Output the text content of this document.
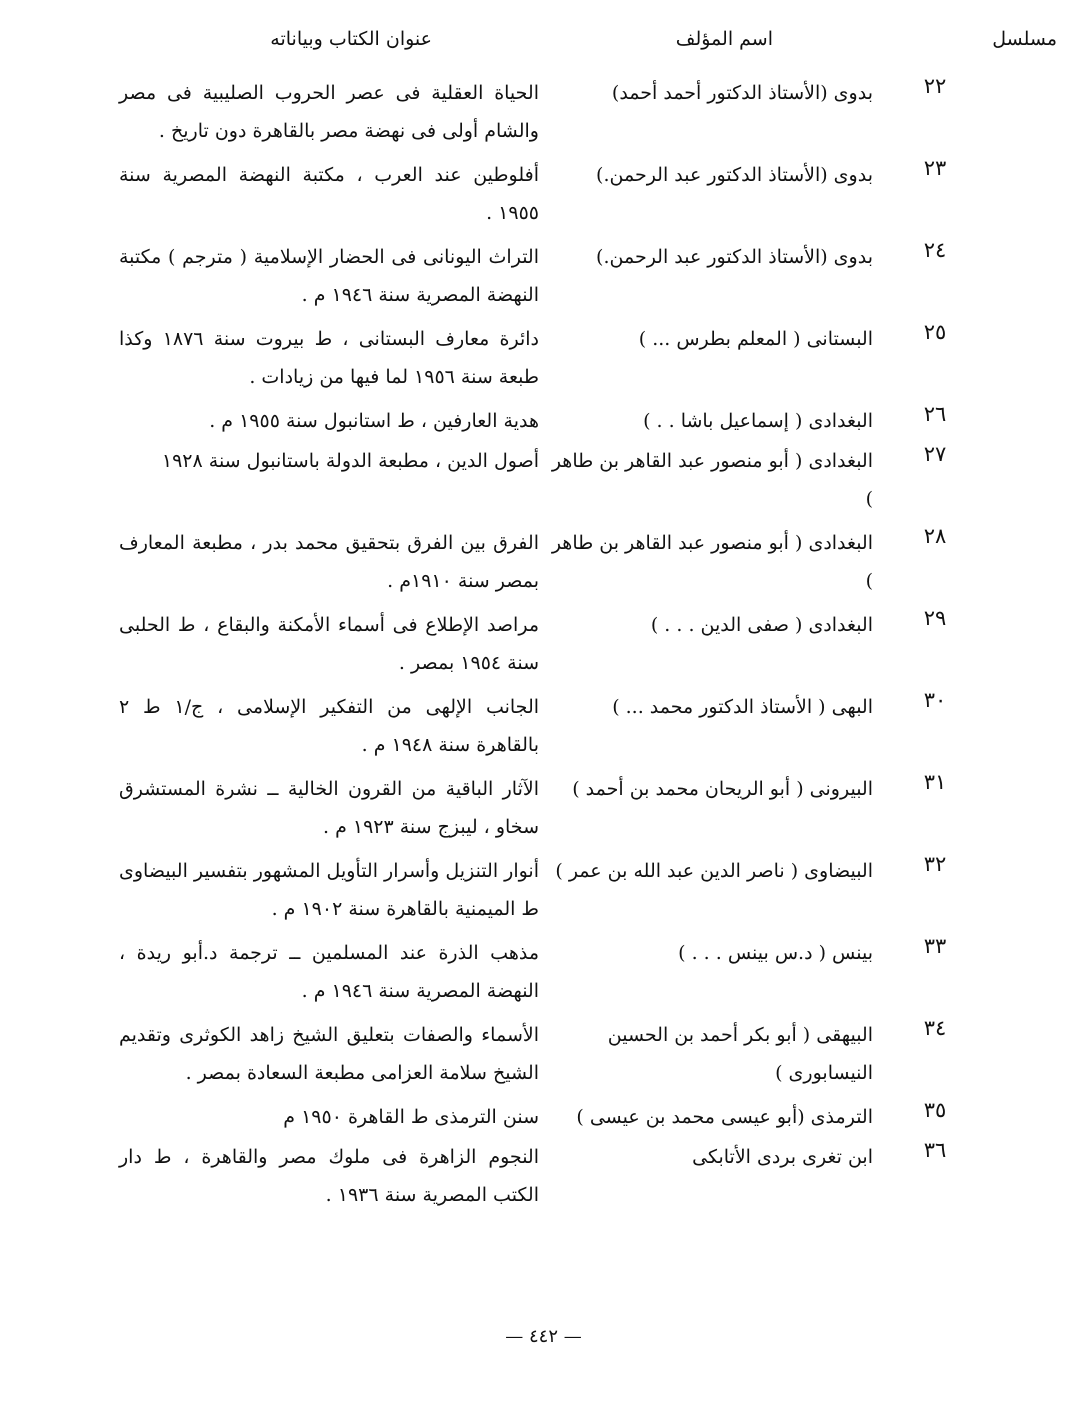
مسلسل
اسم المؤلف
عنوان الكتاب وبياناته
٢٢
بدوى (الأستاذ الدكتور أحمد أحمد)
الحياة العقلية فى عصر الحروب الصليبية فى مصر والشام أولى فى نهضة مصر بالقاهرة دون تاريخ .
٢٣
بدوى (الأستاذ الدكتور عبد الرحمن.)
أفلوطين عند العرب ، مكتبة النهضة المصرية سنة ١٩٥٥ .
٢٤
بدوى (الأستاذ الدكتور عبد الرحمن.)
التراث اليونانى فى الحضار الإسلامية ( مترجم ) مكتبة النهضة المصرية سنة ١٩٤٦ م .
٢٥
البستانى ( المعلم بطرس ... )
دائرة معارف البستانى ، ط بيروت سنة ١٨٧٦ وكذا طبعة سنة ١٩٥٦ لما فيها من زيادات .
٢٦
البغدادى ( إسماعيل باشا . . )
هدية العارفين ، ط استانبول سنة ١٩٥٥ م .
٢٧
البغدادى ( أبو منصور عبد القاهر بن طاهر )
أصول الدين ، مطبعة الدولة باستانبول سنة ١٩٢٨
٢٨
البغدادى ( أبو منصور عبد القاهر بن طاهر )
الفرق بين الفرق بتحقيق محمد بدر ، مطبعة المعارف بمصر سنة ١٩١٠م .
٢٩
البغدادى ( صفى الدين . . . )
مراصد الإطلاع فى أسماء الأمكنة والبقاع ، ط الحلبى سنة ١٩٥٤ بمصر .
٣٠
البهى ( الأستاذ الدكتور محمد ... )
الجانب الإلهى من التفكير الإسلامى ، ج/١ ط ٢ بالقاهرة سنة ١٩٤٨ م .
٣١
البيرونى ( أبو الريحان محمد بن أحمد )
الآثار الباقية من القرون الخالية ــ نشرة المستشرق سخاو ، ليبزج سنة ١٩٢٣ م .
٣٢
البيضاوى ( ناصر الدين عبد الله بن عمر )
أنوار التنزيل وأسرار التأويل المشهور بتفسير البيضاوى ط الميمنية بالقاهرة سنة ١٩٠٢ م .
٣٣
بينس ( د.س بينس . . . )
مذهب الذرة عند المسلمين ــ ترجمة د.أبو ريدة ، النهضة المصرية سنة ١٩٤٦ م .
٣٤
البيهقى ( أبو بكر أحمد بن الحسين النيسابورى )
الأسماء والصفات بتعليق الشيخ زاهد الكوثرى وتقديم الشيخ سلامة العزامى مطبعة السعادة بمصر .
٣٥
الترمذى (أبو عيسى محمد بن عيسى )
سنن الترمذى ط القاهرة ١٩٥٠ م
٣٦
ابن تغرى بردى الأتابكى
النجوم الزاهرة فى ملوك مصر والقاهرة ، ط دار الكتب المصرية سنة ١٩٣٦ .
— ٤٤٢ —
